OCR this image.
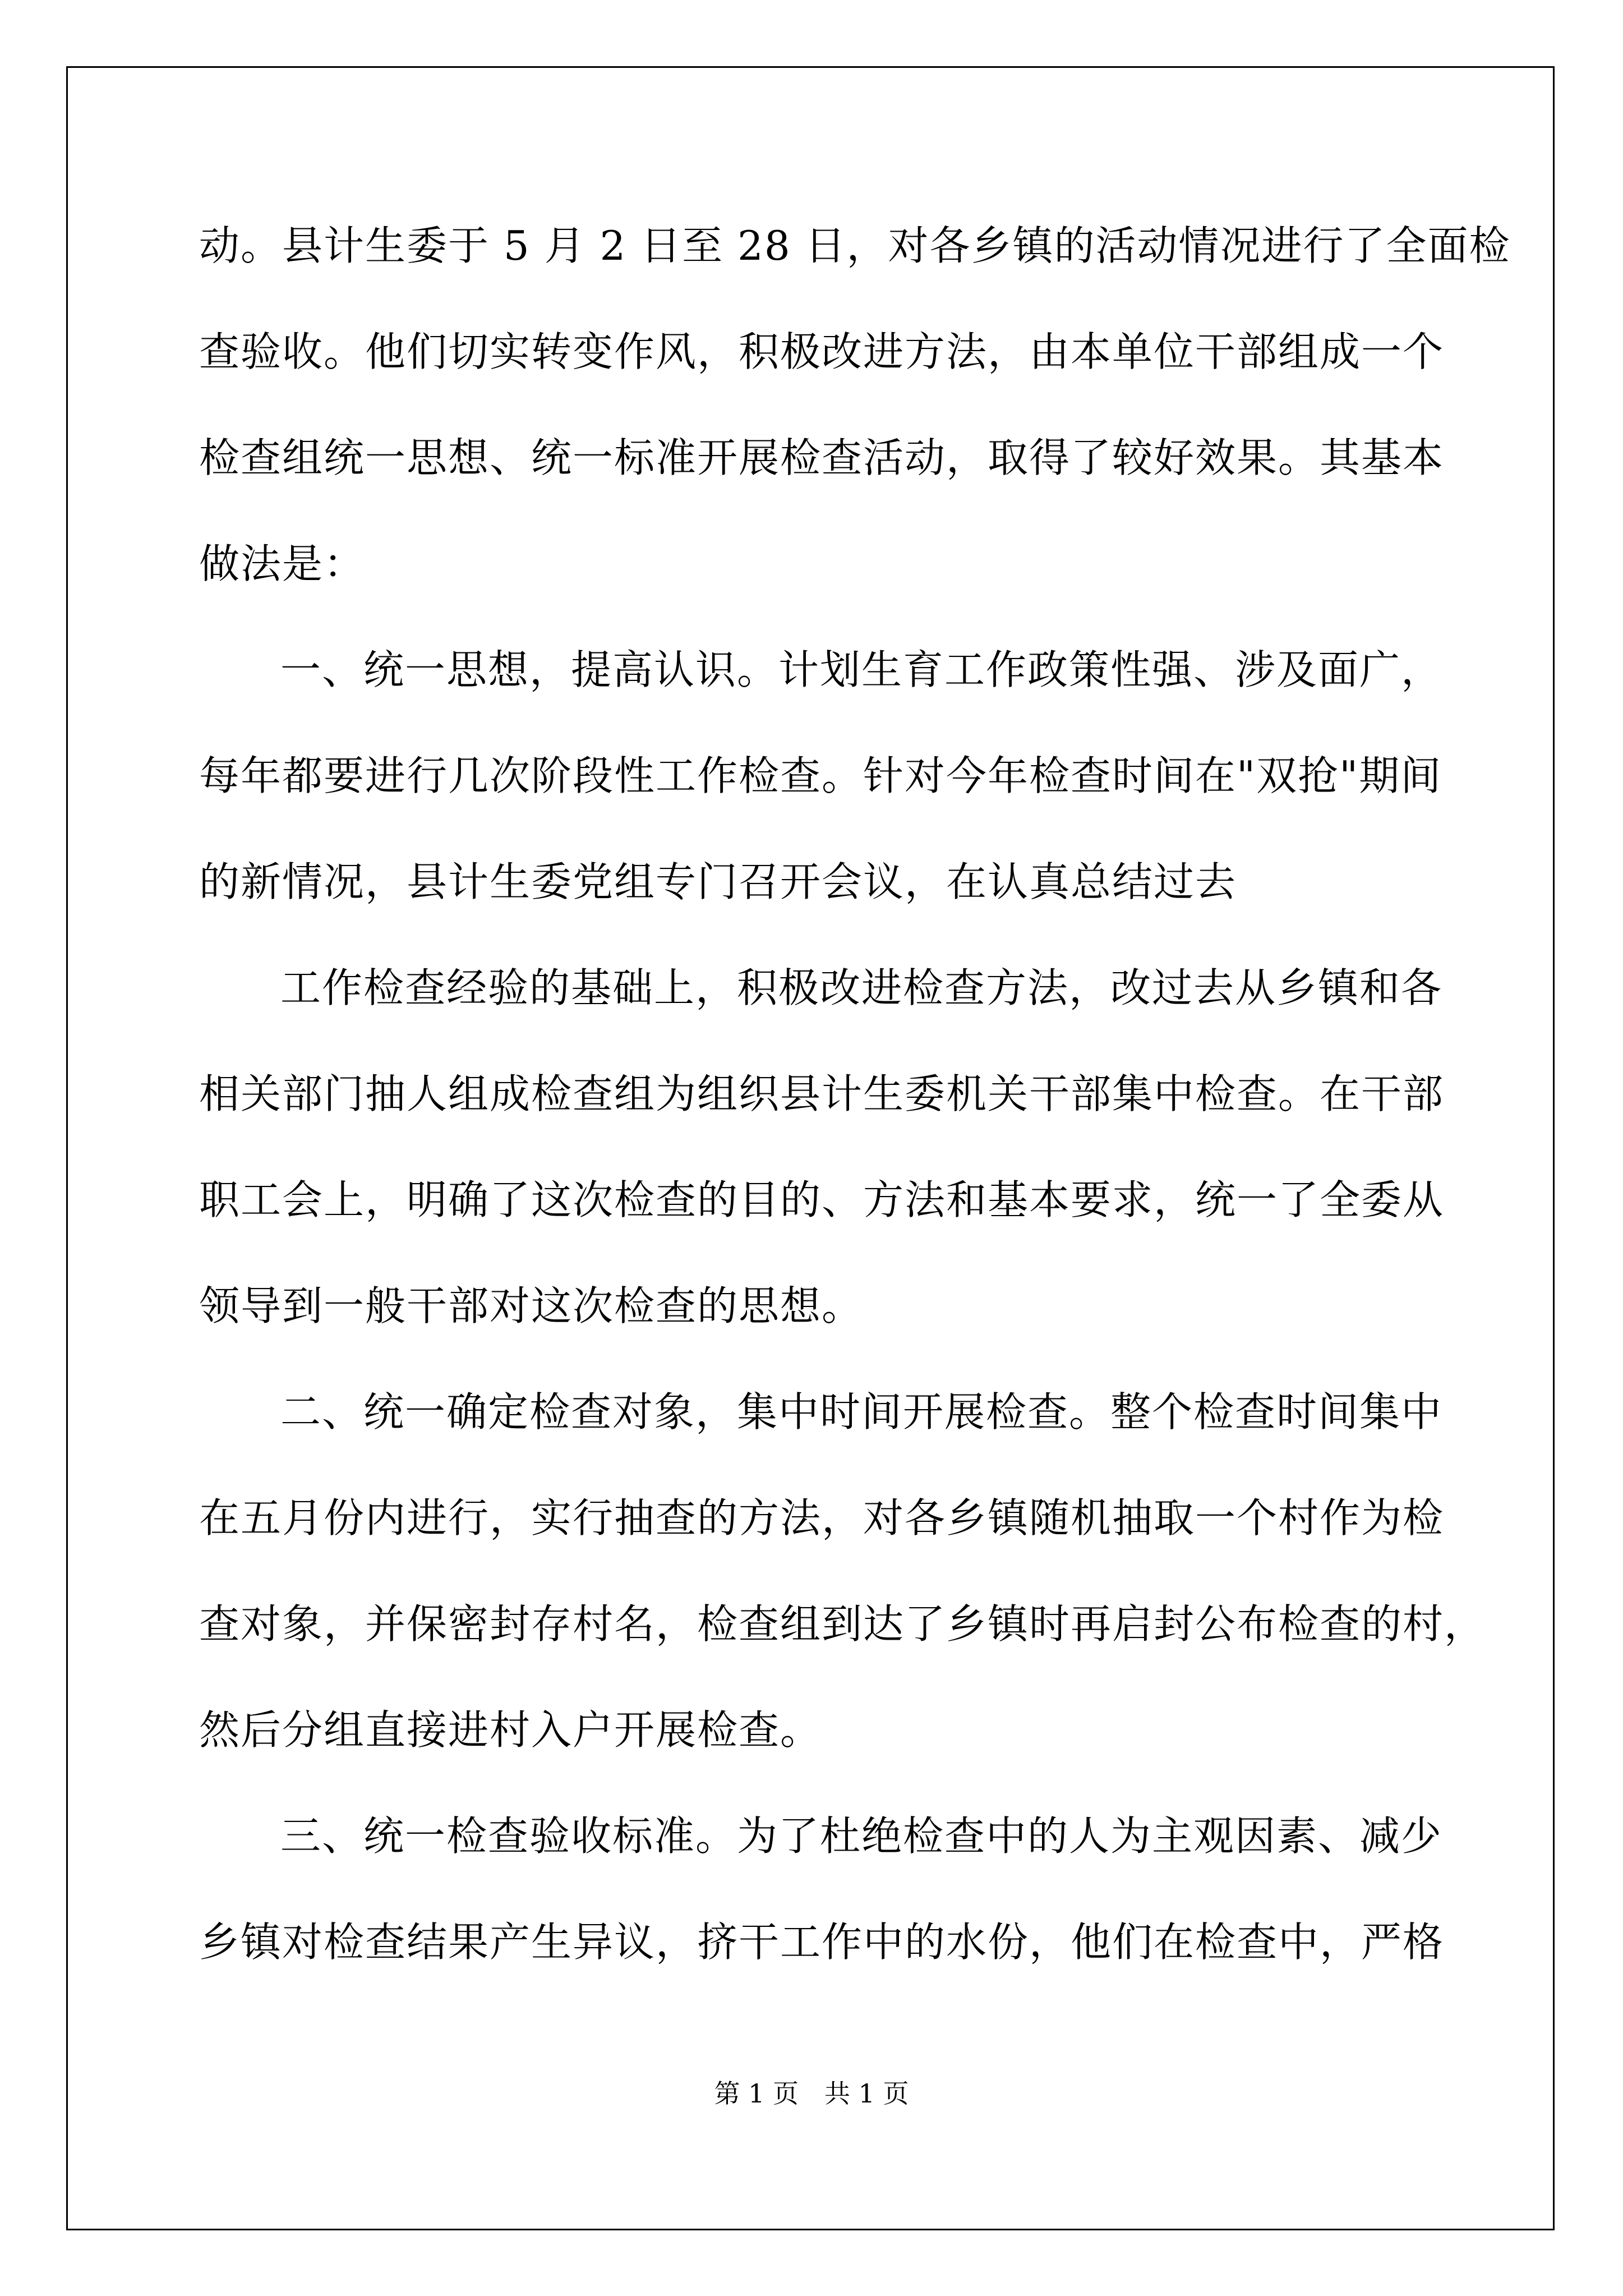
动。县计生委于 5 月 2 日至 28 日，对各乡镇的活动情况进行了全面检
查验收。他们切实转变作风，积极改进方法，由本单位干部组成一个
检查组统一思想、统一标准开展检查活动，取得了较好效果。其基本
做法是：
一、统一思想，提高认识。计划生育工作政策性强、涉及面广，
每年都要进行几次阶段性工作检查。针对今年检查时间在"双抢"期间
的新情况，县计生委党组专门召开会议，在认真总结过去
工作检查经验的基础上，积极改进检查方法，改过去从乡镇和各
相关部门抽人组成检查组为组织县计生委机关干部集中检查。在干部
职工会上，明确了这次检查的目的、方法和基本要求，统一了全委从
领导到一般干部对这次检查的思想。
二、统一确定检查对象，集中时间开展检查。整个检查时间集中
在五月份内进行，实行抽查的方法，对各乡镇随机抽取一个村作为检
查对象，并保密封存村名，检查组到达了乡镇时再启封公布检查的村，
然后分组直接进村入户开展检查。
三、统一检查验收标准。为了杜绝检查中的人为主观因素、减少
乡镇对检查结果产生异议，挤干工作中的水份，他们在检查中，严格
第 1 页　共 1 页
